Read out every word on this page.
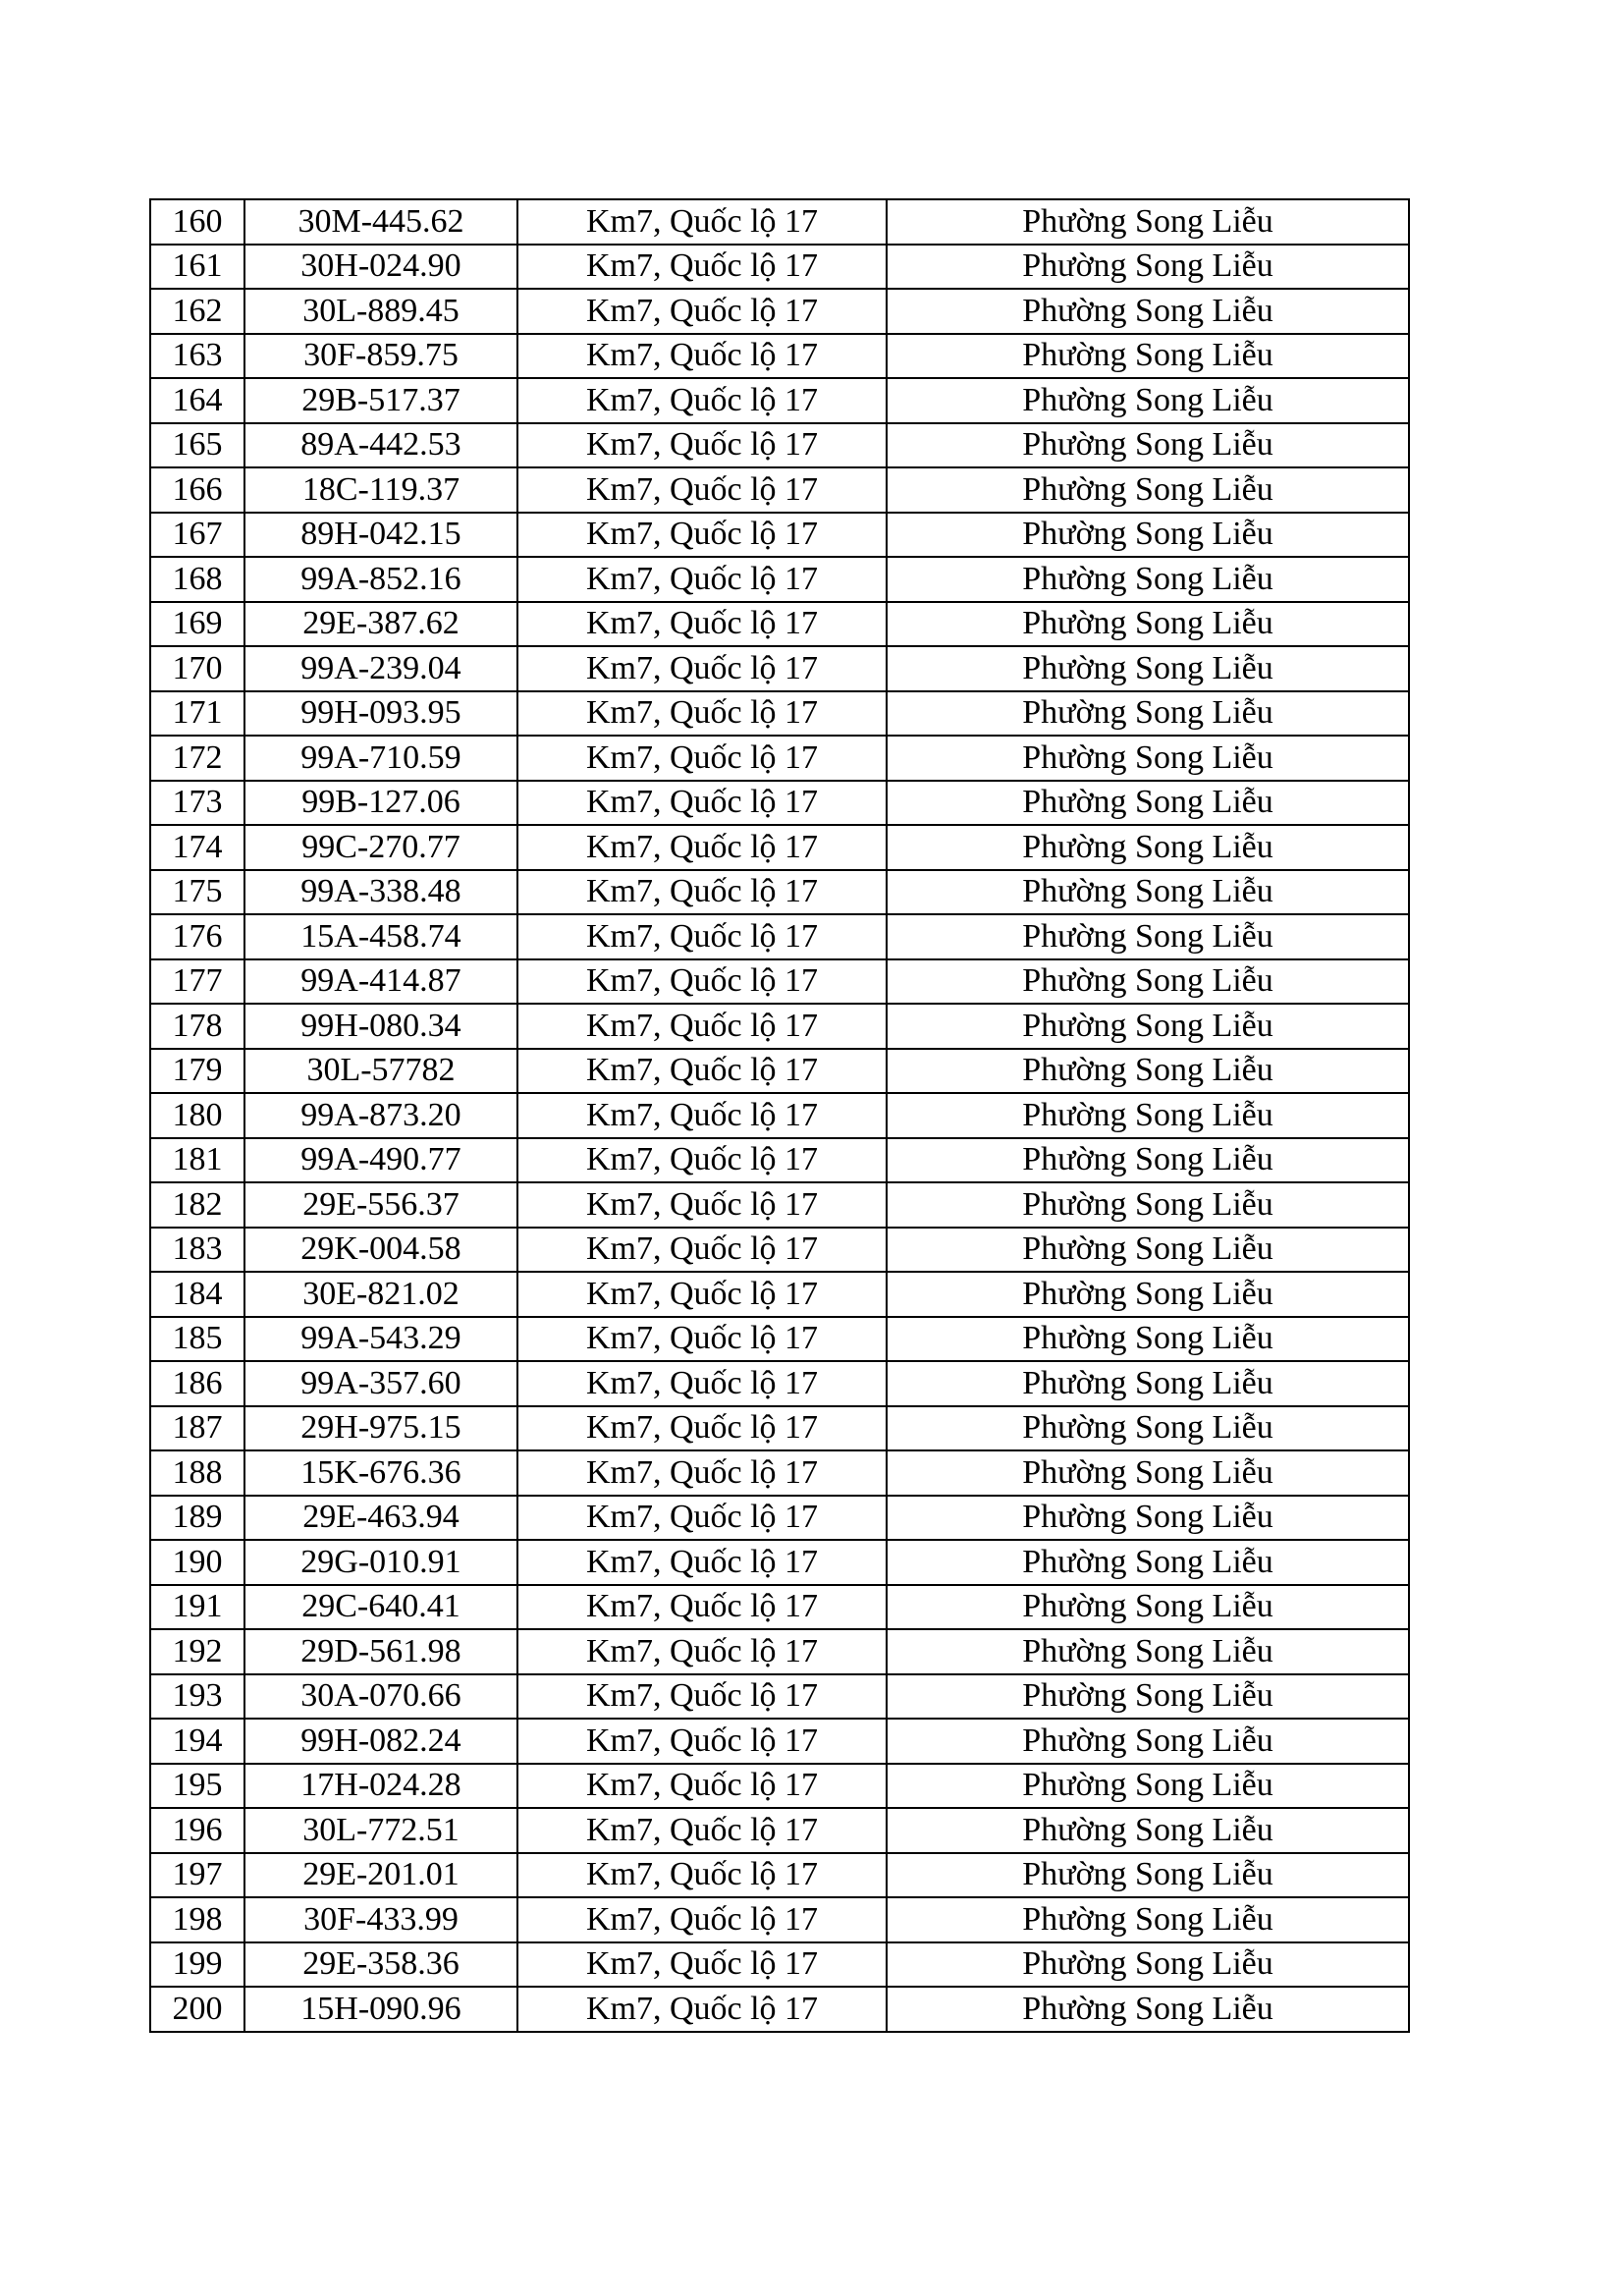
160	30M-445.62	Km7, Quốc lộ 17	Phường Song Liễu
161	30H-024.90	Km7, Quốc lộ 17	Phường Song Liễu
162	30L-889.45	Km7, Quốc lộ 17	Phường Song Liễu
163	30F-859.75	Km7, Quốc lộ 17	Phường Song Liễu
164	29B-517.37	Km7, Quốc lộ 17	Phường Song Liễu
165	89A-442.53	Km7, Quốc lộ 17	Phường Song Liễu
166	18C-119.37	Km7, Quốc lộ 17	Phường Song Liễu
167	89H-042.15	Km7, Quốc lộ 17	Phường Song Liễu
168	99A-852.16	Km7, Quốc lộ 17	Phường Song Liễu
169	29E-387.62	Km7, Quốc lộ 17	Phường Song Liễu
170	99A-239.04	Km7, Quốc lộ 17	Phường Song Liễu
171	99H-093.95	Km7, Quốc lộ 17	Phường Song Liễu
172	99A-710.59	Km7, Quốc lộ 17	Phường Song Liễu
173	99B-127.06	Km7, Quốc lộ 17	Phường Song Liễu
174	99C-270.77	Km7, Quốc lộ 17	Phường Song Liễu
175	99A-338.48	Km7, Quốc lộ 17	Phường Song Liễu
176	15A-458.74	Km7, Quốc lộ 17	Phường Song Liễu
177	99A-414.87	Km7, Quốc lộ 17	Phường Song Liễu
178	99H-080.34	Km7, Quốc lộ 17	Phường Song Liễu
179	30L-57782	Km7, Quốc lộ 17	Phường Song Liễu
180	99A-873.20	Km7, Quốc lộ 17	Phường Song Liễu
181	99A-490.77	Km7, Quốc lộ 17	Phường Song Liễu
182	29E-556.37	Km7, Quốc lộ 17	Phường Song Liễu
183	29K-004.58	Km7, Quốc lộ 17	Phường Song Liễu
184	30E-821.02	Km7, Quốc lộ 17	Phường Song Liễu
185	99A-543.29	Km7, Quốc lộ 17	Phường Song Liễu
186	99A-357.60	Km7, Quốc lộ 17	Phường Song Liễu
187	29H-975.15	Km7, Quốc lộ 17	Phường Song Liễu
188	15K-676.36	Km7, Quốc lộ 17	Phường Song Liễu
189	29E-463.94	Km7, Quốc lộ 17	Phường Song Liễu
190	29G-010.91	Km7, Quốc lộ 17	Phường Song Liễu
191	29C-640.41	Km7, Quốc lộ 17	Phường Song Liễu
192	29D-561.98	Km7, Quốc lộ 17	Phường Song Liễu
193	30A-070.66	Km7, Quốc lộ 17	Phường Song Liễu
194	99H-082.24	Km7, Quốc lộ 17	Phường Song Liễu
195	17H-024.28	Km7, Quốc lộ 17	Phường Song Liễu
196	30L-772.51	Km7, Quốc lộ 17	Phường Song Liễu
197	29E-201.01	Km7, Quốc lộ 17	Phường Song Liễu
198	30F-433.99	Km7, Quốc lộ 17	Phường Song Liễu
199	29E-358.36	Km7, Quốc lộ 17	Phường Song Liễu
200	15H-090.96	Km7, Quốc lộ 17	Phường Song Liễu
